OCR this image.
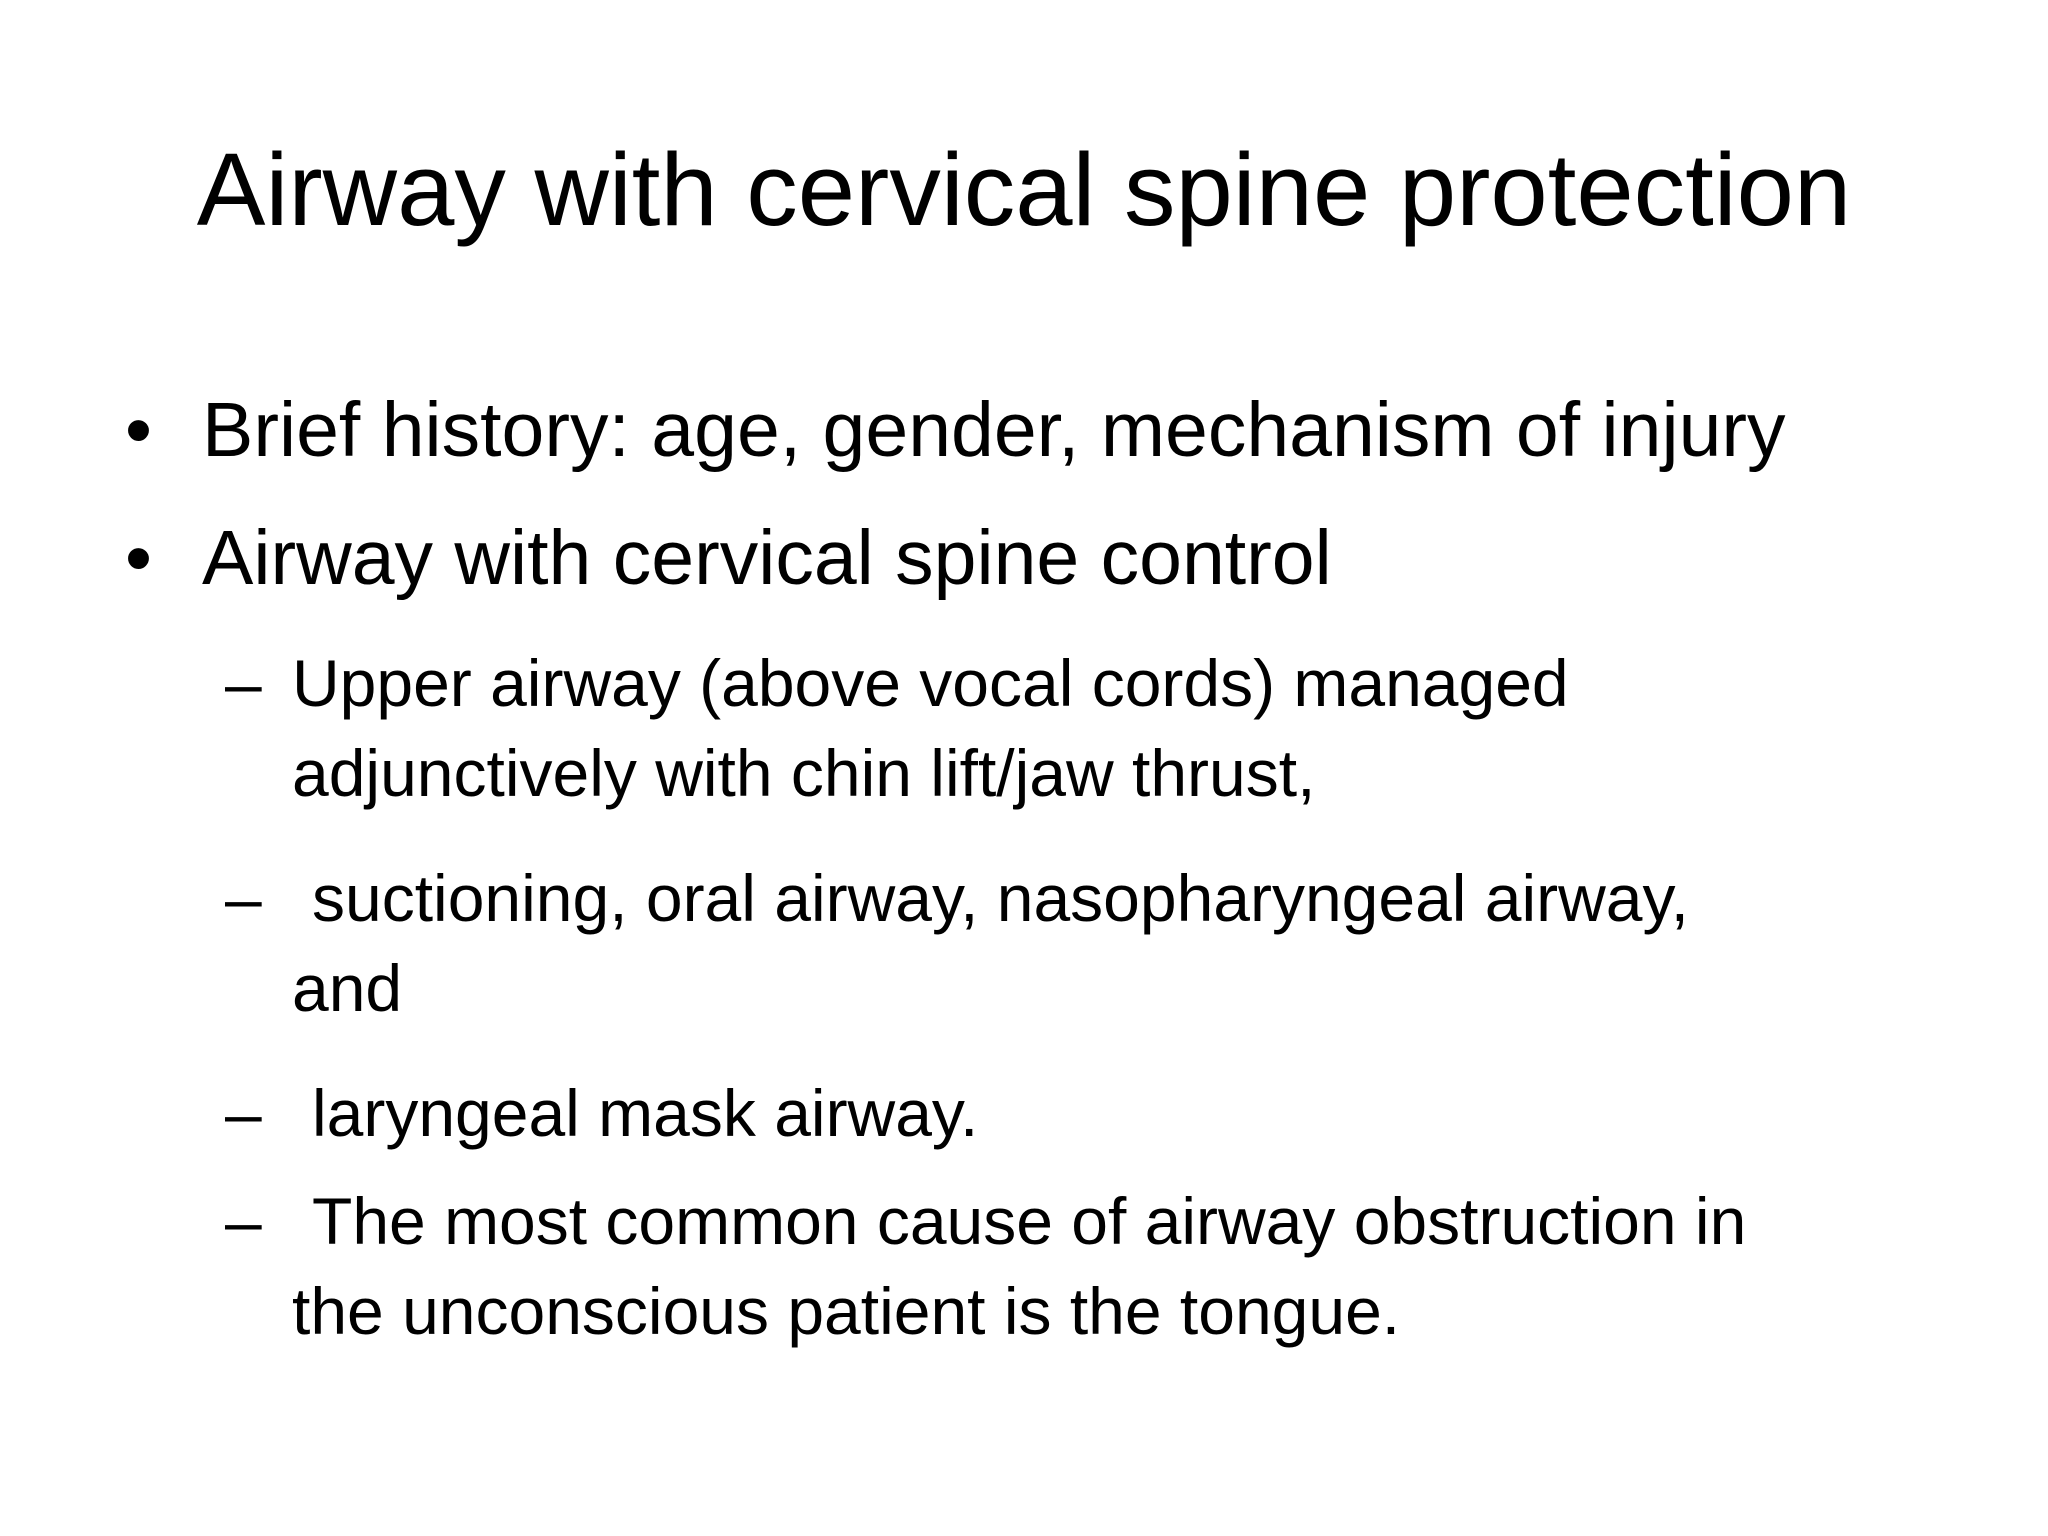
Airway with cervical spine protection
• Brief history: age, gender, mechanism of injury
• Airway with cervical spine control
– Upper airway (above vocal cords) managed
adjunctively with chin lift/jaw thrust,
– suctioning, oral airway, nasopharyngeal airway,
and
– laryngeal mask airway.
– The most common cause of airway obstruction in
the unconscious patient is the tongue.
